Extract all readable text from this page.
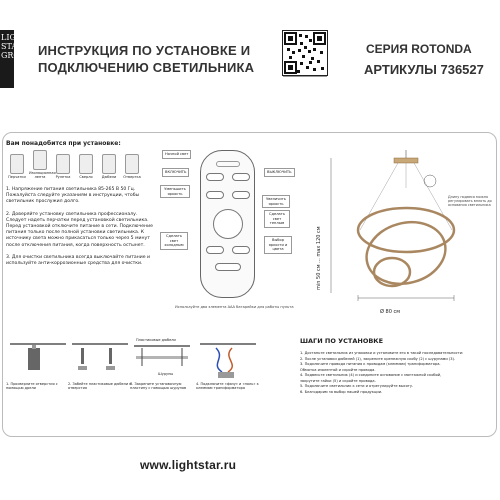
LIGHT
STAR
GROUP ИНСТРУКЦИЯ ПО УСТАНОВКЕ И
ПОДКЛЮЧЕНИЮ СВЕТИЛЬНИКА
СЕРИЯ ROTONDA
АРТИКУЛЫ 736527
Вам понадобится при установке:
Перчатки
Изоляционная лента	Рулетка	Сверло	Дюбели Отвертка

1. Напряжение питания светильника 85-265 В 50 Гц. Пожалуйста следуйте указаниям в инструкции, чтобы светильник прослужил долго.

2. Доверяйте установку светильника профессионалу. Следует надеть перчатки перед установкой светильника. Перед установкой отключите питание в сети. Подключение питания только после полной установки светильника. К источнику света можно прикасаться только через 5 минут после отключения питания, когда поверхность остынет.

3. Для очистки светильника всегда выключайте питание и используйте анти-коррозионные средства для очистки.

Ночной свет
ВКЛЮЧИТЬ	ВЫКЛЮЧИТЬ
Уменьшить яркость
Увеличить яркость
Сделать свет холодным
Сделать свет теплым
Выбор яркости и цвета
Используйте два элемента ААА батарейки для работы пульта
Ø 80 см
min 50 см ... max 120 см
Длину подвеса можно регулировать вплоть до основания светильника
1. Просверлите отверстия с помощью дрели
2. Забейте пластиковые дюбели в отверстия
Пластиковые дюбели
Шурупы
3. Закрепите установочную пластину с помощью шурупов
4. Подключите «фазу» и «ноль» к клеммам трансформатора
ШАГИ ПО УСТАНОВКЕ
1. Достаньте светильник из упаковки и установите его в такой последовательности:
2. После установки дюбелей (1), закрепите крепежную скобу (2) с шурупами (3).
3. Подключите провода питания к проводам (клеммам) трансформатора.
Обмотка изолентой и скройте провода.
4. Подвесьте светильник (4) и соедините основание с монтажной скобой,
закрутите гайки (5) и скройте провода.
5. Подключите светильник к сети и отрегулируйте высоту.
6. Благодарим за выбор нашей продукции.
www.lightstar.ru
